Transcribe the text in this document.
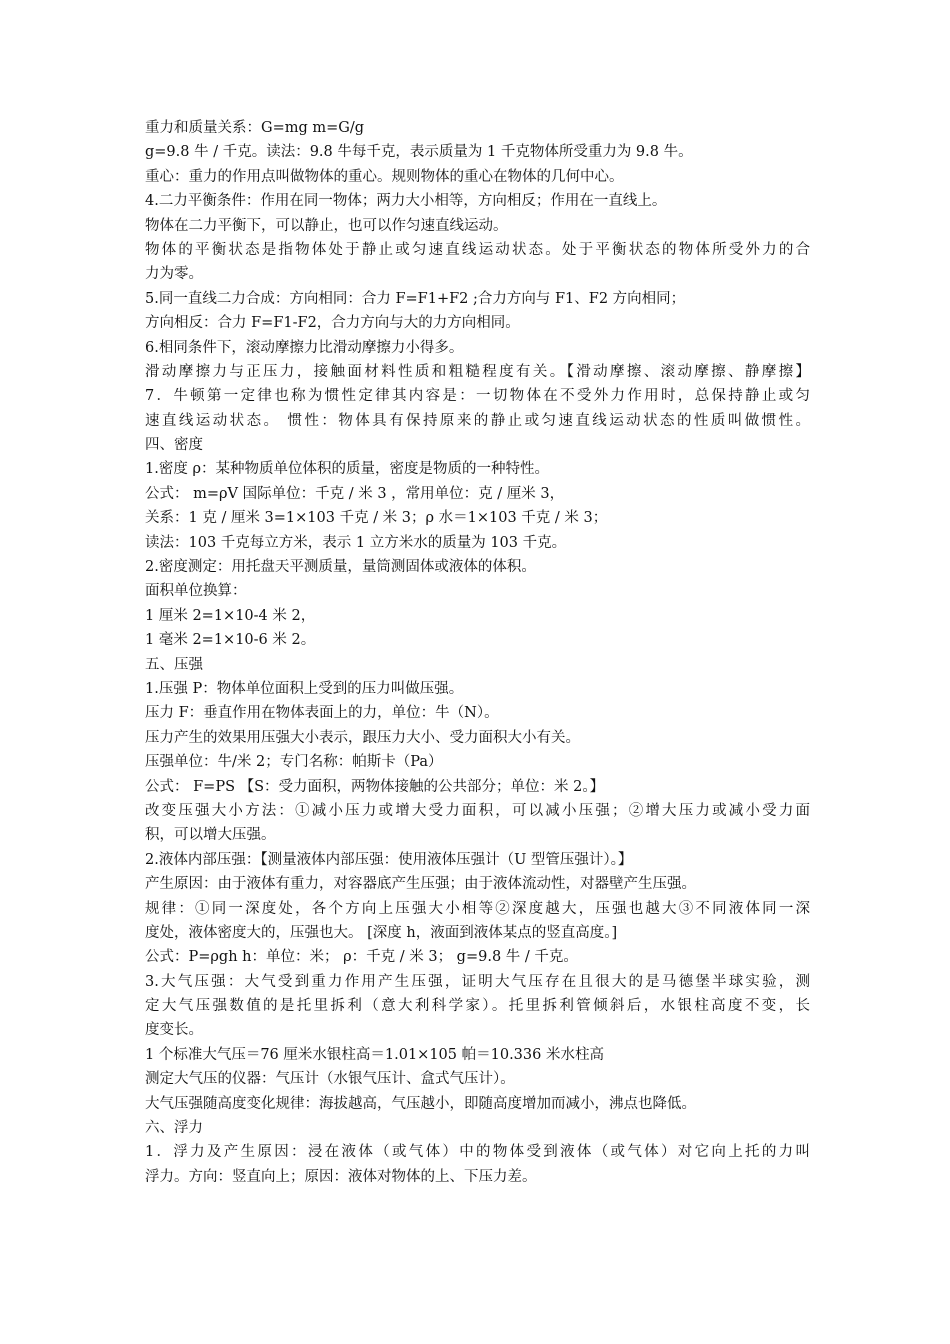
重力和质量关系：G=mg m=G/g
g=9.8 牛 / 千克。读法：9.8 牛每千克，表示质量为 1 千克物体所受重力为 9.8 牛。
重心：重力的作用点叫做物体的重心。规则物体的重心在物体的几何中心。
4.二力平衡条件：作用在同一物体；两力大小相等，方向相反；作用在一直线上。
物体在二力平衡下，可以静止，也可以作匀速直线运动。
物体的平衡状态是指物体处于静止或匀速直线运动状态。处于平衡状态的物体所受外力的合
力为零。
5.同一直线二力合成：方向相同：合力 F=F1+F2 ;合力方向与 F1、F2 方向相同；
方向相反：合力 F=F1-F2，合力方向与大的力方向相同。
6.相同条件下，滚动摩擦力比滑动摩擦力小得多。
滑动摩擦力与正压力，接触面材料性质和粗糙程度有关。【滑动摩擦、滚动摩擦、静摩擦】
7．牛顿第一定律也称为惯性定律其内容是：一切物体在不受外力作用时，总保持静止或匀
速直线运动状态。 惯性：物体具有保持原来的静止或匀速直线运动状态的性质叫做惯性。
四、密度
1.密度 ρ：某种物质单位体积的质量，密度是物质的一种特性。
公式： m=ρV 国际单位：千克 / 米 3 ，常用单位：克 / 厘米 3，
关系：1 克 / 厘米 3=1×103 千克 / 米 3；ρ 水＝1×103 千克 / 米 3；
读法：103 千克每立方米，表示 1 立方米水的质量为 103 千克。
2.密度测定：用托盘天平测质量，量筒测固体或液体的体积。
面积单位换算：
1 厘米 2=1×10-4 米 2，
1 毫米 2=1×10-6 米 2。
五、压强
1.压强 P：物体单位面积上受到的压力叫做压强。
压力 F：垂直作用在物体表面上的力，单位：牛（N）。
压力产生的效果用压强大小表示，跟压力大小、受力面积大小有关。
压强单位：牛/米 2；专门名称：帕斯卡（Pa）
公式： F=PS 【S：受力面积，两物体接触的公共部分；单位：米 2。】
改变压强大小方法：①减小压力或增大受力面积，可以减小压强；②增大压力或减小受力面
积，可以增大压强。
2.液体内部压强：【测量液体内部压强：使用液体压强计（U 型管压强计）。】
产生原因：由于液体有重力，对容器底产生压强；由于液体流动性，对器壁产生压强。
规律：①同一深度处，各个方向上压强大小相等②深度越大，压强也越大③不同液体同一深
度处，液体密度大的，压强也大。 [深度 h，液面到液体某点的竖直高度。]
公式：P=ρgh h：单位：米； ρ：千克 / 米 3； g=9.8 牛 / 千克。
3.大气压强：大气受到重力作用产生压强，证明大气压存在且很大的是马德堡半球实验，测
定大气压强数值的是托里拆利（意大利科学家）。托里拆利管倾斜后，水银柱高度不变，长
度变长。
1 个标准大气压＝76 厘米水银柱高＝1.01×105 帕＝10.336 米水柱高
测定大气压的仪器：气压计（水银气压计、盒式气压计）。
大气压强随高度变化规律：海拔越高，气压越小，即随高度增加而减小，沸点也降低。
六、浮力
1．浮力及产生原因：浸在液体（或气体）中的物体受到液体（或气体）对它向上托的力叫
浮力。方向：竖直向上；原因：液体对物体的上、下压力差。
